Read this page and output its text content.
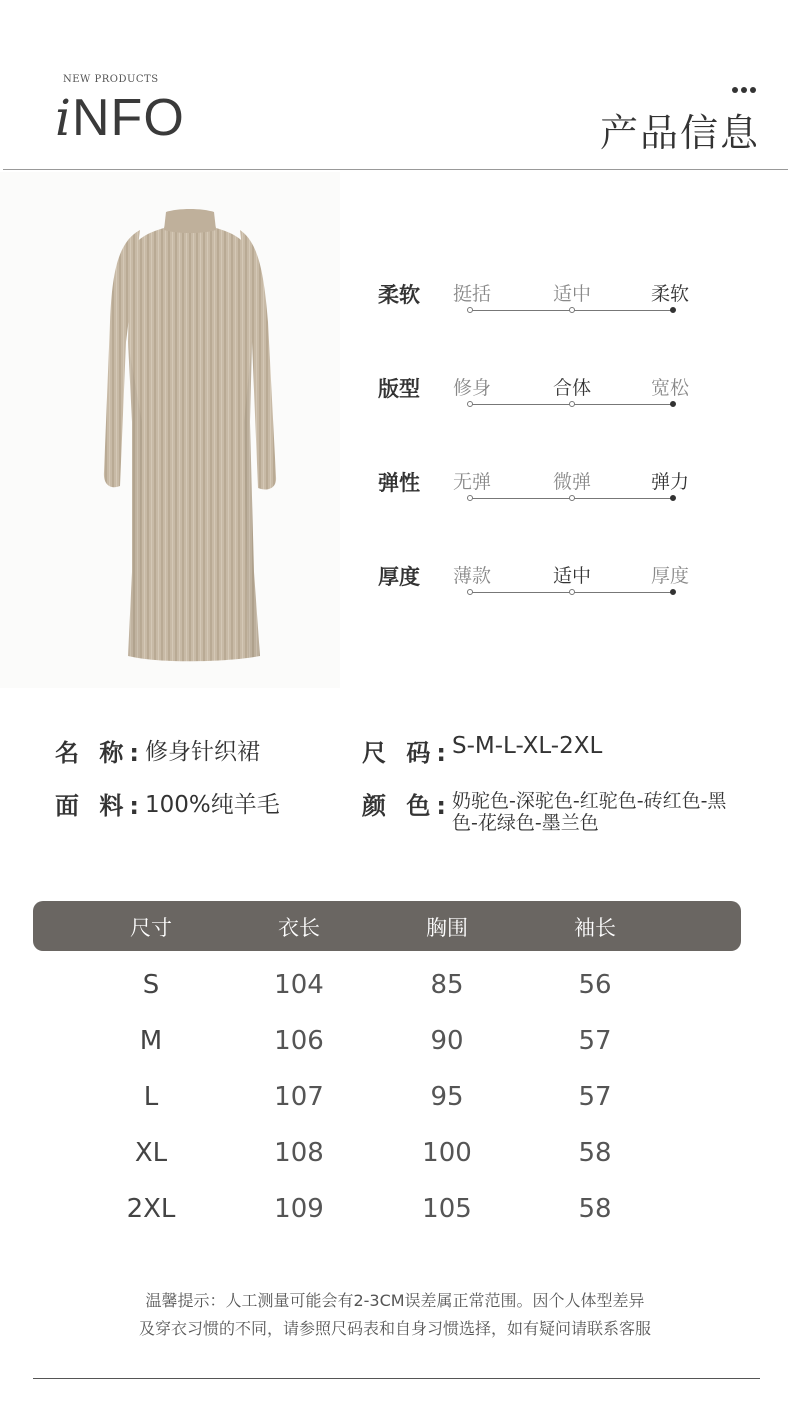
NEW PRODUCTS
iNFO	产品信息
柔软	挺括	适中	柔软
版型	修身	合体	宽松
弹性	无弹	微弹	弹力
厚度	薄款	适中	厚度
名 称: 修身针织裙	尺 码: S-M-L-XL-2XL
面 料: 100%纯羊毛	颜 色: 奶驼色-深驼色-红驼色-砖红色-黑色-花绿色-墨兰色
尺寸	衣长	胸围	袖长
S	104	85	56
M	106	90	57
L	107	95	57
XL	108	100	58
2XL	109	105	58
温馨提示：人工测量可能会有2-3CM误差属正常范围。因个人体型差异
及穿衣习惯的不同，请参照尺码表和自身习惯选择，如有疑问请联系客服
